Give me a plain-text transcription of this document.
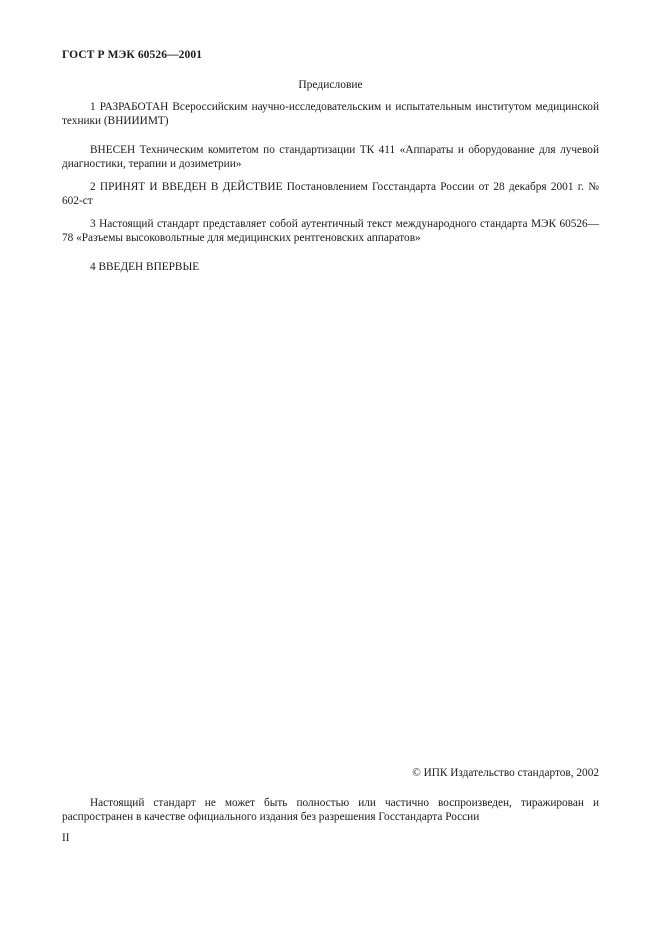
ГОСТ Р МЭК 60526—2001
Предисловие
1 РАЗРАБОТАН Всероссийским научно-исследовательским и испытательным институтом медицинской техники (ВНИИИМТ)
ВНЕСЕН Техническим комитетом по стандартизации ТК 411 «Аппараты и оборудование для лучевой диагностики, терапии и дозиметрии»
2 ПРИНЯТ И ВВЕДЕН В ДЕЙСТВИЕ Постановлением Госстандарта России от 28 декабря 2001 г. № 602-ст
3 Настоящий стандарт представляет собой аутентичный текст международного стандарта МЭК 60526—78 «Разъемы высоковольтные для медицинских рентгеновских аппаратов»
4 ВВЕДЕН ВПЕРВЫЕ
© ИПК Издательство стандартов, 2002
Настоящий стандарт не может быть полностью или частично воспроизведен, тиражирован и распространен в качестве официального издания без разрешения Госстандарта России
II
